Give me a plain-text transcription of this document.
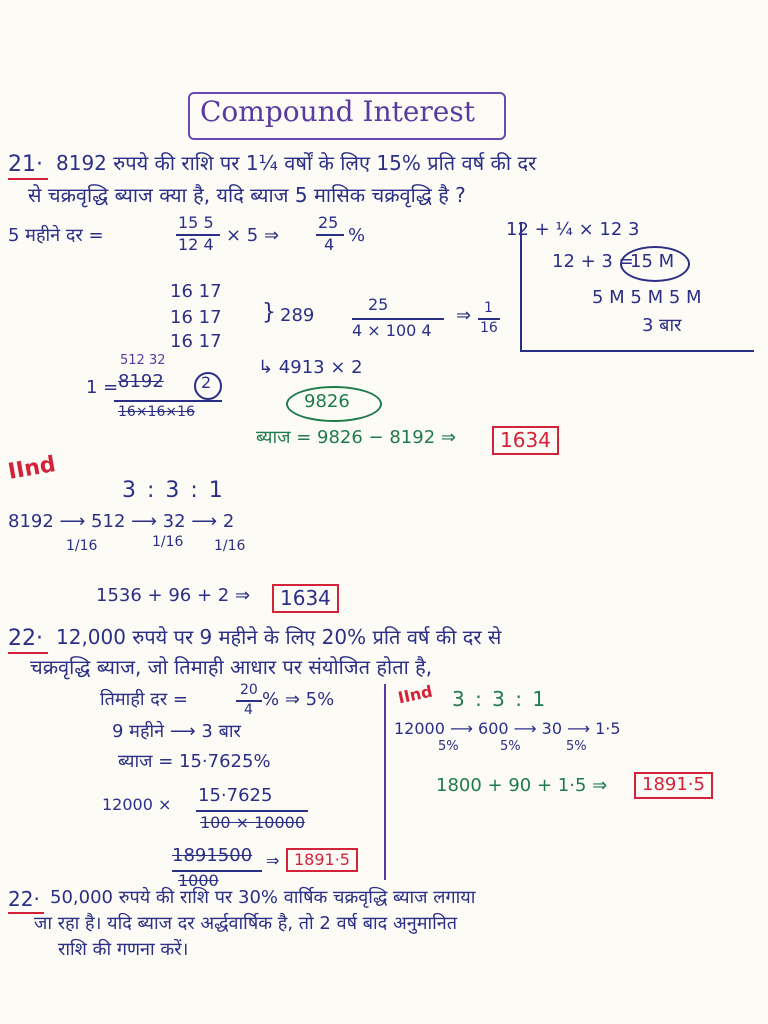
Compound Interest
21· 8192 रुपये की राशि पर 1¼ वर्षों के लिए 15% प्रति वर्ष की दर
से चक्रवृद्धि ब्याज क्या है, यदि ब्याज 5 मासिक चक्रवृद्धि है ?
5 महीने दर =
15 5
12 4 × 5 ⇒
25
4 %	12 + ¼ × 12 3
12 + 3 =
15 M
5 M 5 M 5 M
3 बार
16 17
16 17
16 17
} 289
25
4 × 100 4
⇒ 1
16
1 =
512 32
8192 2
16×16×16
↳ 4913 × 2
9826
ब्याज = 9826 − 8192 ⇒	1634
IInd
3 : 3 : 1
8192 ⟶ 512 ⟶ 32 ⟶ 2
1/16	1/16 1/16
1536 + 96 + 2 ⇒	1634
22· 12,000 रुपये पर 9 महीने के लिए 20% प्रति वर्ष की दर से
चक्रवृद्धि ब्याज, जो तिमाही आधार पर संयोजित होता है,
तिमाही दर =	20
4 % ⇒ 5%
9 महीने ⟶ 3 बार
ब्याज = 15·7625%
12000 × 15·7625
100 × 10000
1891500
1000
⇒ 1891·5
IInd 3 : 3 : 1
12000 ⟶ 600 ⟶ 30 ⟶ 1·5
5%	5%	5%
1800 + 90 + 1·5 ⇒	1891·5
22· 50,000 रुपये की राशि पर 30% वार्षिक चक्रवृद्धि ब्याज लगाया
जा रहा है। यदि ब्याज दर अर्द्धवार्षिक है, तो 2 वर्ष बाद अनुमानित
राशि की गणना करें।
